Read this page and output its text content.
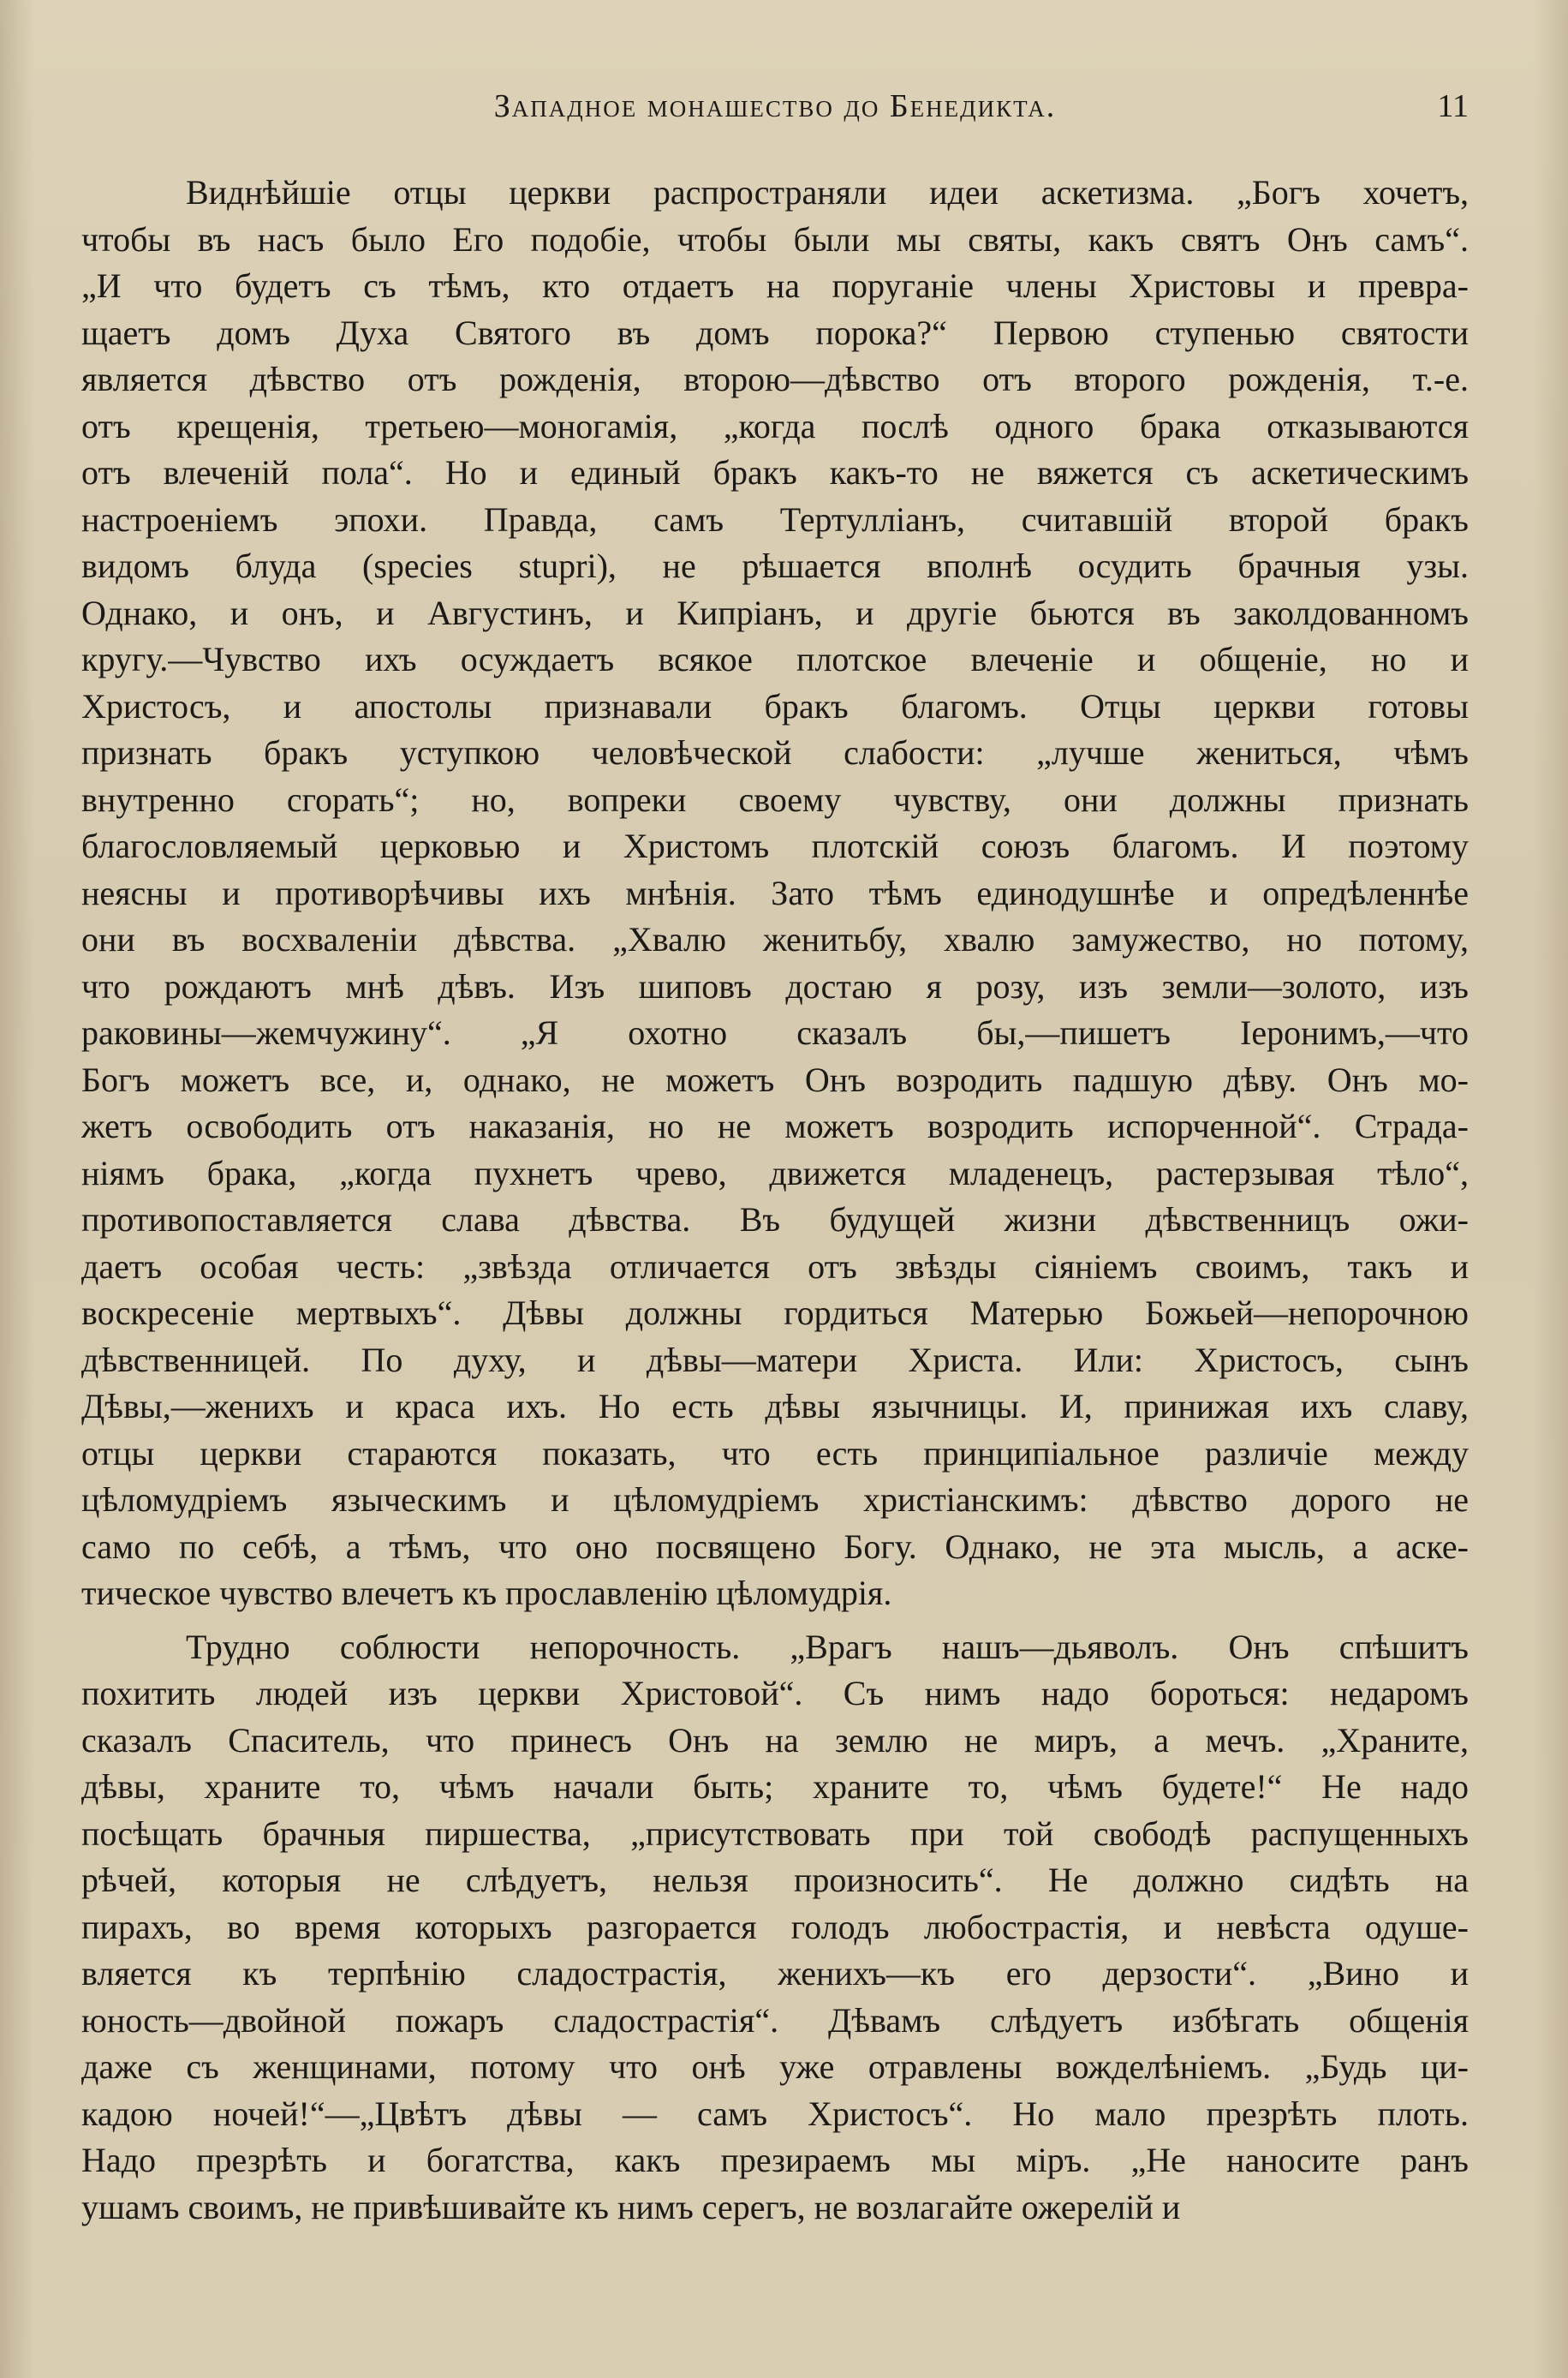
Западное монашество до Бенедикта.	11
Виднѣйшіе отцы церкви распространяли идеи аскетизма. „Богъ хочетъ,
чтобы въ насъ было Его подобіе, чтобы были мы святы, какъ святъ Онъ самъ“.
„И что будетъ съ тѣмъ, кто отдаетъ на поруганіе члены Христовы и превра-
щаетъ домъ Духа Святого въ домъ порока?“ Первою ступенью святости
является дѣвство отъ рожденія, второю—дѣвство отъ второго рожденія, т.-е.
отъ крещенія, третьею—моногамія, „когда послѣ одного брака отказываются
отъ влеченій пола“. Но и единый бракъ какъ-то не вяжется съ аскетическимъ
настроеніемъ эпохи. Правда, самъ Тертулліанъ, считавшій второй бракъ
видомъ блуда (species stupri), не рѣшается вполнѣ осудить брачныя узы.
Однако, и онъ, и Августинъ, и Кипріанъ, и другіе бьются въ заколдованномъ
кругу.—Чувство ихъ осуждаетъ всякое плотское влеченіе и общеніе, но и
Христосъ, и апостолы признавали бракъ благомъ. Отцы церкви готовы
признать бракъ уступкою человѣческой слабости: „лучше жениться, чѣмъ
внутренно сгорать“; но, вопреки своему чувству, они должны признать
благословляемый церковью и Христомъ плотскій союзъ благомъ. И поэтому
неясны и противорѣчивы ихъ мнѣнія. Зато тѣмъ единодушнѣе и опредѣленнѣе
они въ восхваленіи дѣвства. „Хвалю женитьбу, хвалю замужество, но потому,
что рождаютъ мнѣ дѣвъ. Изъ шиповъ достаю я розу, изъ земли—золото, изъ
раковины—жемчужину“. „Я охотно сказалъ бы,—пишетъ Іеронимъ,—что
Богъ можетъ все, и, однако, не можетъ Онъ возродить падшую дѣву. Онъ мо-
жетъ освободить отъ наказанія, но не можетъ возродить испорченной“. Страда-
ніямъ брака, „когда пухнетъ чрево, движется младенецъ, растерзывая тѣло“,
противопоставляется слава дѣвства. Въ будущей жизни дѣвственницъ ожи-
даетъ особая честь: „звѣзда отличается отъ звѣзды сіяніемъ своимъ, такъ и
воскресеніе мертвыхъ“. Дѣвы должны гордиться Матерью Божьей—непорочною
дѣвственницей. По духу, и дѣвы—матери Христа. Или: Христосъ, сынъ
Дѣвы,—женихъ и краса ихъ. Но есть дѣвы язычницы. И, принижая ихъ славу,
отцы церкви стараются показать, что есть принципіальное различіе между
цѣломудріемъ языческимъ и цѣломудріемъ христіанскимъ: дѣвство дорого не
само по себѣ, а тѣмъ, что оно посвящено Богу. Однако, не эта мысль, а аске-
тическое чувство влечетъ къ прославленію цѣломудрія.
Трудно соблюсти непорочность. „Врагъ нашъ—дьяволъ. Онъ спѣшитъ
похитить людей изъ церкви Христовой“. Съ нимъ надо бороться: недаромъ
сказалъ Спаситель, что принесъ Онъ на землю не миръ, а мечъ. „Храните,
дѣвы, храните то, чѣмъ начали быть; храните то, чѣмъ будете!“ Не надо
посѣщать брачныя пиршества, „присутствовать при той свободѣ распущенныхъ
рѣчей, которыя не слѣдуетъ, нельзя произносить“. Не должно сидѣть на
пирахъ, во время которыхъ разгорается голодъ любострастія, и невѣста одуше-
вляется къ терпѣнію сладострастія, женихъ—къ его дерзости“. „Вино и
юность—двойной пожаръ сладострастія“. Дѣвамъ слѣдуетъ избѣгать общенія
даже съ женщинами, потому что онѣ уже отравлены вожделѣніемъ. „Будь ци-
кадою ночей!“—„Цвѣтъ дѣвы — самъ Христосъ“. Но мало презрѣть плоть.
Надо презрѣть и богатства, какъ презираемъ мы міръ. „Не наносите ранъ
ушамъ своимъ, не привѣшивайте къ нимъ серегъ, не возлагайте ожерелій и
